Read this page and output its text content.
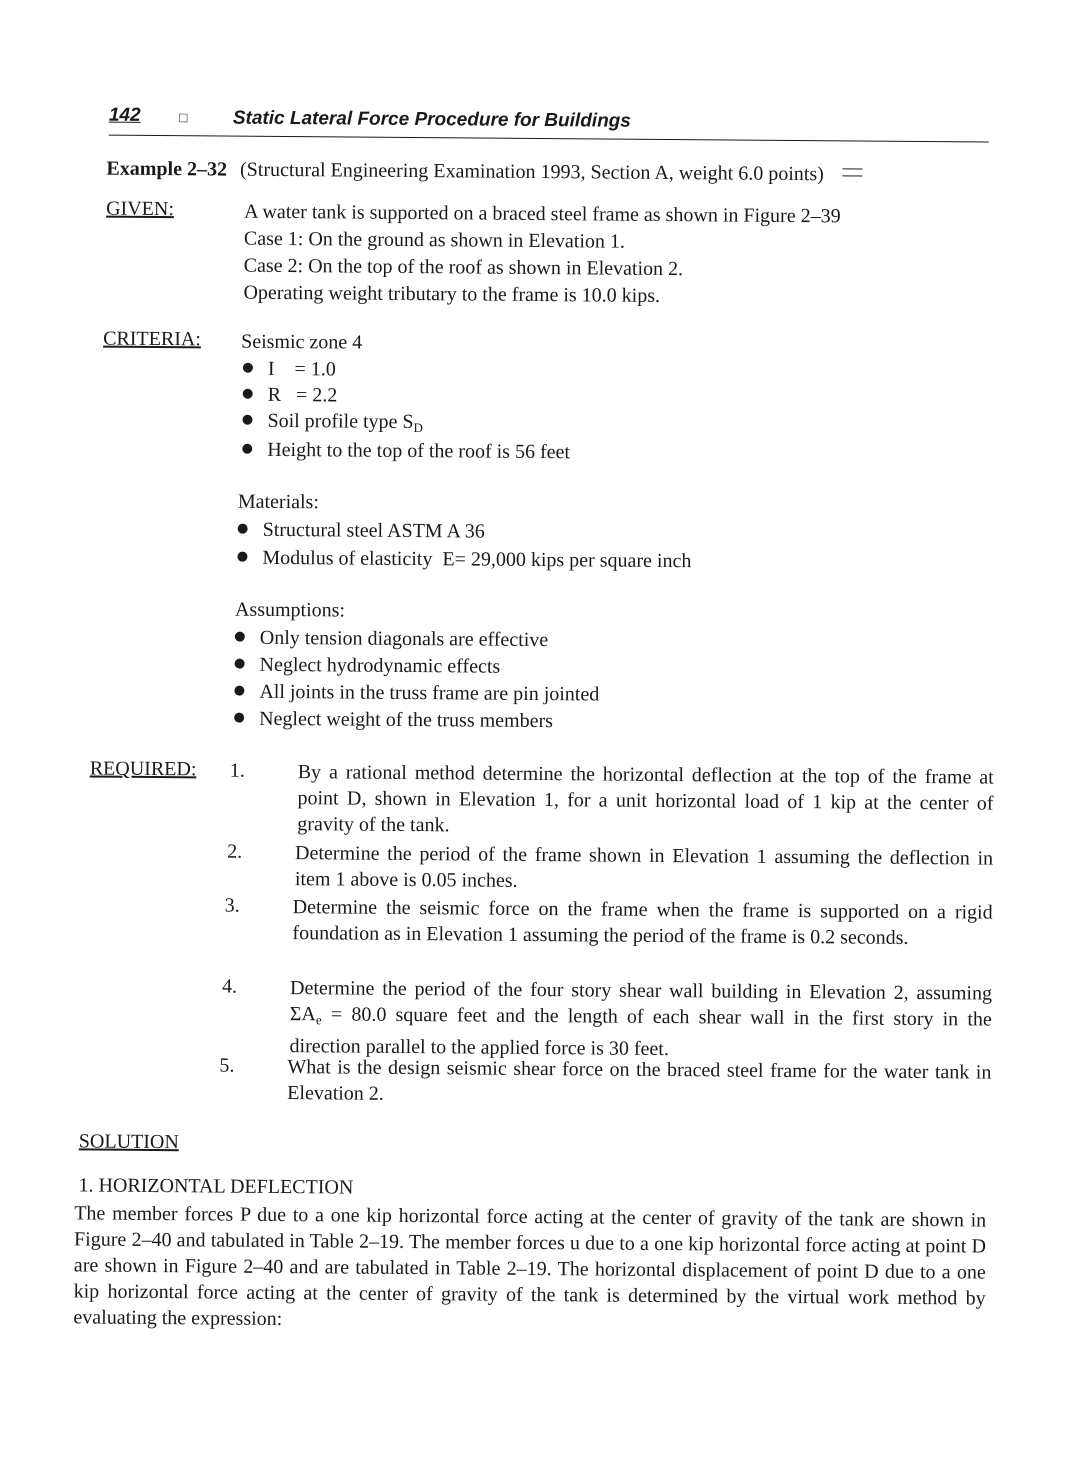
142	□ Static Lateral Force Procedure for Buildings
Example 2–32 (Structural Engineering Examination 1993, Section A, weight 6.0 points)
GIVEN:	A water tank is supported on a braced steel frame as shown in Figure 2–39
Case 1: On the ground as shown in Elevation 1.
Case 2: On the top of the roof as shown in Elevation 2.
Operating weight tributary to the frame is 10.0 kips.
CRITERIA: Seismic zone 4
I    = 1.0
R   = 2.2
Soil profile type $S_D$
Height to the top of the roof is 56 feet
Materials:
Structural steel ASTM A 36
Modulus of elasticity  E= 29,000 kips per square inch
Assumptions:
Only tension diagonals are effective
Neglect hydrodynamic effects
All joints in the truss frame are pin jointed
Neglect weight of the truss members
REQUIRED: 1.	By a rational method determine the horizontal deflection at the top of the frame at point D, shown in Elevation 1, for a unit horizontal load of 1 kip at the center of gravity of the tank.
2.	Determine the period of the frame shown in Elevation 1 assuming the deflection in item 1 above is 0.05 inches.
3.	Determine the seismic force on the frame when the frame is supported on a rigid foundation as in Elevation 1 assuming the period of the frame is 0.2 seconds.
4.	Determine the period of the four story shear wall building in Elevation 2, assuming $\Sigma A_e = 80.0$ square feet and the length of each shear wall in the first story in the direction parallel to the applied force is 30 feet.
5.	What is the design seismic shear force on the braced steel frame for the water tank in Elevation 2.
SOLUTION
1. HORIZONTAL DEFLECTION
The member forces P due to a one kip horizontal force acting at the center of gravity of the tank are shown in Figure 2–40 and tabulated in Table 2–19. The member forces u due to a one kip horizontal force acting at point D are shown in Figure 2–40 and are tabulated in Table 2–19. The horizontal displacement of point D due to a one kip horizontal force acting at the center of gravity of the tank is determined by the virtual work method by evaluating the expression:
